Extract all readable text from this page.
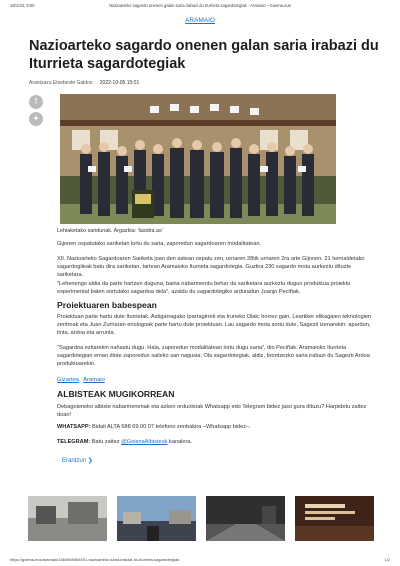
18/1/23, 9:50	Nazioarteko sagardo onenen galan saria irabazi du Iturrieta sagardotegiak - Aramaio - Goiena.eus
ARAMAIO
Nazioarteko sagardo onenen galan saria irabazi du Iturrieta sagardotegiak
Arantzazu Etxebeste Galdos 2022-10-05 15:01
f
✦
Lehiaketako saridunak. Argazkia: 'lasidra.as'

Gijonen ospatutako sariketan lortu du saria, zaporedun sagardoaren modalitatean.

XII. Nazioarteko Sagardoaren Sariketa joan den astean ospatu zen, urriaren 28tik urriaren 2ra arte Gijonen. 21 herrialdetako sagardogileak batu dira sariketan, tartean Aramaioko Iturrieta sagardotegia. Guztira 230 sagardo mota aurkeztu dituzte sariketara.

"Lehenengo aldia da parte hartzen duguna, baina nabarmendu behar da sariketara aurkeztu dugun produktua proiektu esperimental baten sortutako sagardoa dela", azaldu du sagardotegiko arduradun Juanjo Peciñak.

Proiektuaren babespean

Proiektuan parte hartu dute Iturrietak, Astigarragako Iparragirrek eta Iruneko Olak; horrez gain, Leartiker elikagaien teknologien zentroak eta Juan Zurriaran enologoak parte hartu dute proiektuan. Lau sagardo mota sortu dute, Sagezti izenarekin: apardun, tinta, ardoa eta arrunta.

"Sagardoa eztiarekin nahastu dugu. Hala, zaporedun modalitatean lortu dugu saria", dio Peciñak. Aramaioko Iturrieta sagardotegiari eman diote zaporedun saileko sari nagusia; Ola sagardotegiak, aldiz, brontzezko saria irabazi du Sagezti Ardoa produktuarekin.

Gizartea Aramaio
ALBISTEAK MUGIKORREAN

Debagoieneko albiste nabarmenenak eta azken orduokoak Whatsapp edo Telegram bidez jaso gura dituzu? Harpidetu zaitez doan!

WHATSAPP: Bidali ALTA 688 69 00 07 telefono zenbakira –Whatsapp bidez–.
TELEGRAM: Batu zaitez @GoienaAlbisteak kanalera.
Erantzun ❯
https://goiena.eus/aramaio/1664969564601-nazioarteko-saria-irabazi-du-iturrieta-sagardotegiak	1/2
